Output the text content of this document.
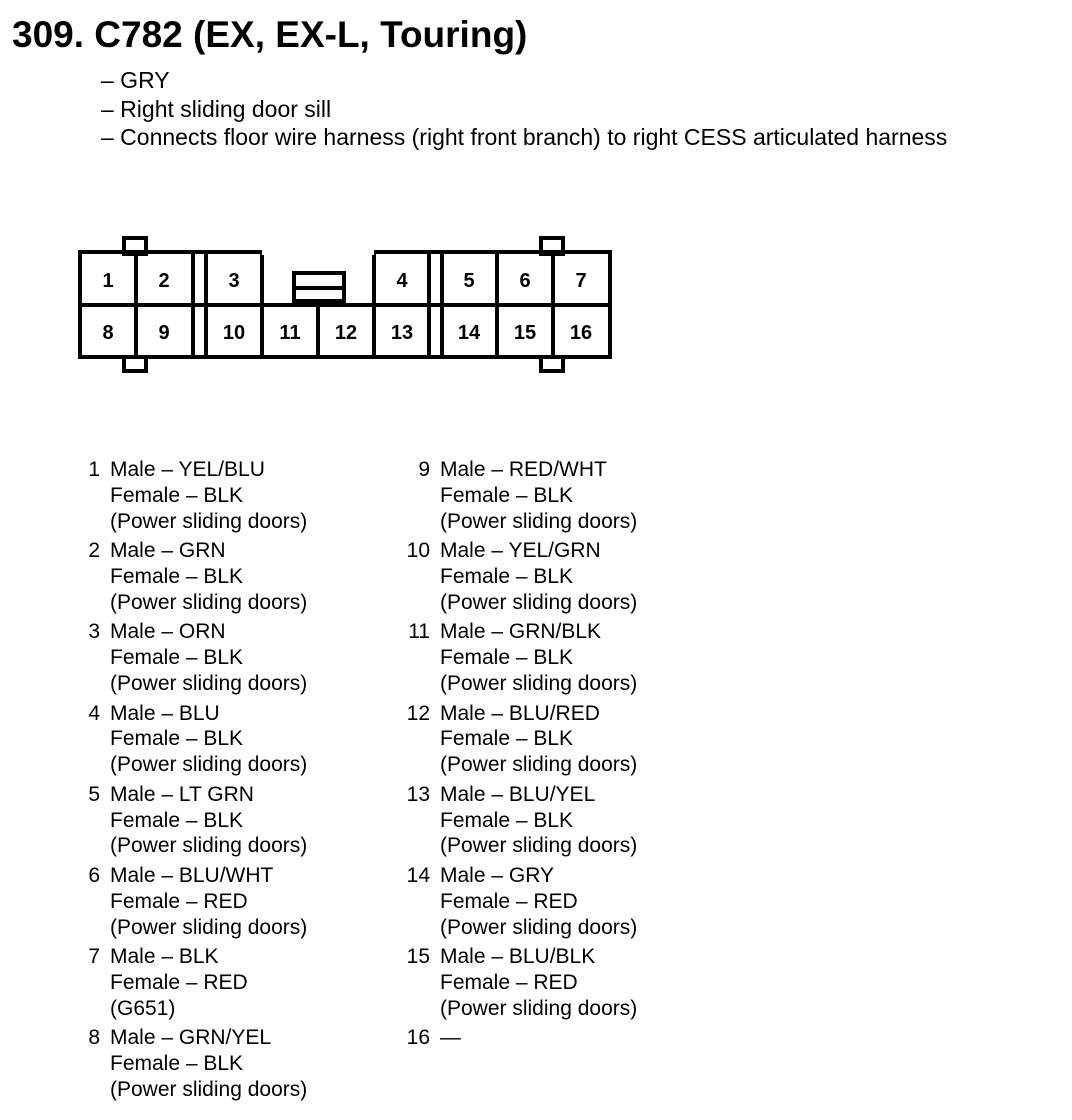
309. C782 (EX, EX-L, Touring)
– GRY
– Right sliding door sill
– Connects floor wire harness (right front branch) to right CESS articulated harness
1 2	3	4	5 6 7
8 9	10 11 12 13 14 15 16
1 Male – YEL/BLU
Female – BLK
(Power sliding doors)
2 Male – GRN
Female – BLK
(Power sliding doors)
3 Male – ORN
Female – BLK
(Power sliding doors)
4 Male – BLU
Female – BLK
(Power sliding doors)
5 Male – LT GRN
Female – BLK
(Power sliding doors)
6 Male – BLU/WHT
Female – RED
(Power sliding doors)
7 Male – BLK
Female – RED
(G651)
8 Male – GRN/YEL
Female – BLK
(Power sliding doors)
9 Male – RED/WHT
Female – BLK
(Power sliding doors)
10 Male – YEL/GRN
Female – BLK
(Power sliding doors)
11 Male – GRN/BLK
Female – BLK
(Power sliding doors)
12 Male – BLU/RED
Female – BLK
(Power sliding doors)
13 Male – BLU/YEL
Female – BLK
(Power sliding doors)
14 Male – GRY
Female – RED
(Power sliding doors)
15 Male – BLU/BLK
Female – RED
(Power sliding doors)
16 —
